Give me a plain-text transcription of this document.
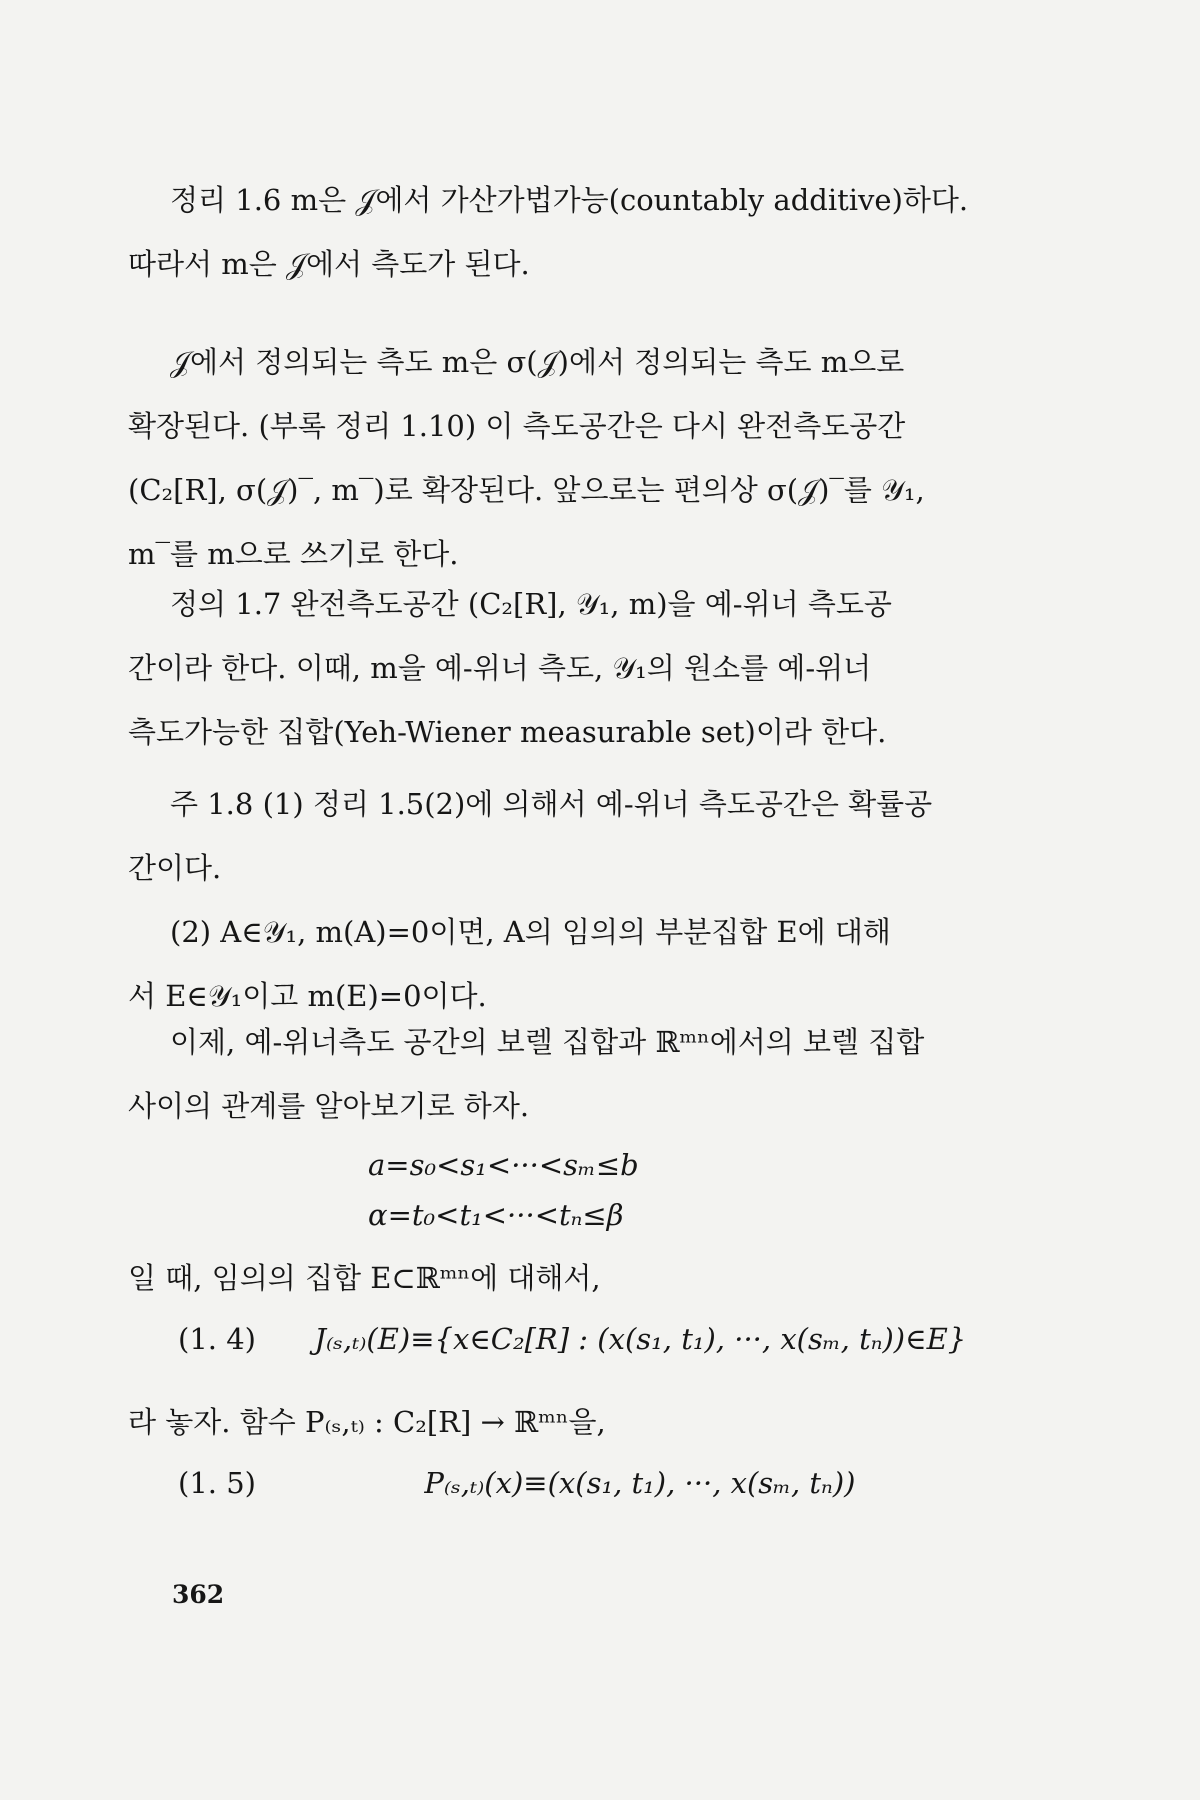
정리 1.6 m은 𝒥에서 가산가법가능(countably additive)하다.
따라서 m은 𝒥에서 측도가 된다.
𝒥에서 정의되는 측도 m은 σ(𝒥)에서 정의되는 측도 m으로
확장된다. (부록 정리 1.10) 이 측도공간은 다시 완전측도공간
(C₂[R], σ(𝒥)‾, m‾)로 확장된다. 앞으로는 편의상 σ(𝒥)‾를 𝒴₁,
m‾를 m으로 쓰기로 한다.
정의 1.7 완전측도공간 (C₂[R], 𝒴₁, m)을 예-위너 측도공
간이라 한다. 이때, m을 예-위너 측도, 𝒴₁의 원소를 예-위너
측도가능한 집합(Yeh-Wiener measurable set)이라 한다.
주 1.8 (1) 정리 1.5(2)에 의해서 예-위너 측도공간은 확률공
간이다.
(2) A∈𝒴₁, m(A)=0이면, A의 임의의 부분집합 E에 대해
서 E∈𝒴₁이고 m(E)=0이다.
이제, 예-위너측도 공간의 보렐 집합과 ℝᵐⁿ에서의 보렐 집합
사이의 관계를 알아보기로 하자.
a=s₀<s₁<···<sₘ≤b
α=t₀<t₁<···<tₙ≤β
일 때, 임의의 집합 E⊂ℝᵐⁿ에 대해서,
(1. 4) J₍ₛ,ₜ₎(E)≡{x∈C₂[R] : (x(s₁, t₁), ···, x(sₘ, tₙ))∈E}
라 놓자. 함수 P₍ₛ,ₜ₎ : C₂[R] → ℝᵐⁿ을,
(1. 5)	P₍ₛ,ₜ₎(x)≡(x(s₁, t₁), ···, x(sₘ, tₙ))
362
